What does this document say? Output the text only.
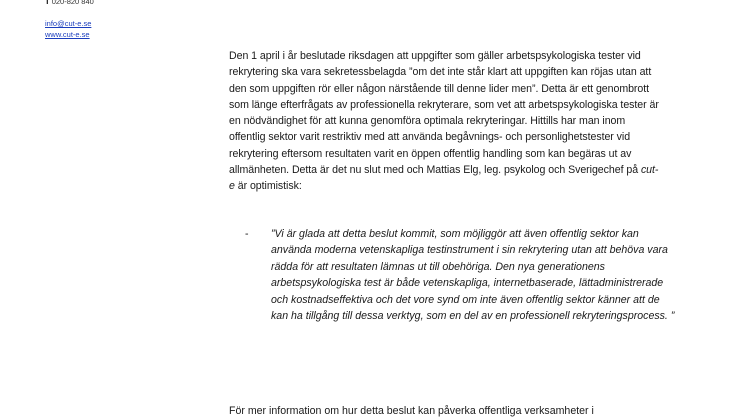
T 020-820 840
info@cut-e.se
www.cut-e.se

Den 1 april i år beslutade riksdagen att uppgifter som gäller arbetspsykologiska tester vid rekrytering ska vara sekretessbelagda ”om det inte står klart att uppgiften kan röjas utan att den som uppgiften rör eller någon närstående till denne lider men”. Detta är ett genombrott som länge efterfrågats av professionella rekryterare, som vet att arbetspsykologiska tester är en nödvändighet för att kunna genomföra optimala rekryteringar. Hittills har man inom offentlig sektor varit restriktiv med att använda begåvnings- och personlighetstester vid rekrytering eftersom resultaten varit en öppen offentlig handling som kan begäras ut av allmänheten. Detta är det nu slut med och Mattias Elg, leg. psykolog och Sverigechef på cut-e är optimistisk:

- ”Vi är glada att detta beslut kommit, som möjliggör att även offentlig sektor kan använda moderna vetenskapliga testinstrument i sin rekrytering utan att behöva vara rädda för att resultaten lämnas ut till obehöriga. Den nya generationens arbetspsykologiska test är både vetenskapliga, internetbaserade, lättadministrerade och kostnadseffektiva och det vore synd om inte även offentlig sektor känner att de kan ha tillgång till dessa verktyg, som en del av en professionell rekryteringsprocess. ”
För mer information om hur detta beslut kan påverka offentliga verksamheter i
